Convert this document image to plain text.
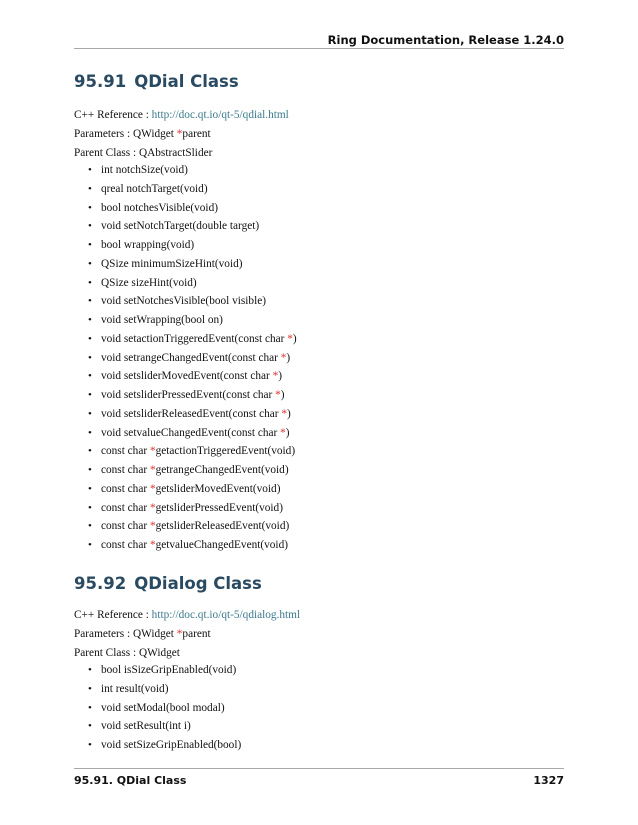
Ring Documentation, Release 1.24.0
95.91 QDial Class
C++ Reference : http://doc.qt.io/qt-5/qdial.html
Parameters : QWidget *parent
Parent Class : QAbstractSlider
• int notchSize(void)
• qreal notchTarget(void)
• bool notchesVisible(void)
• void setNotchTarget(double target)
• bool wrapping(void)
• QSize minimumSizeHint(void)
• QSize sizeHint(void)
• void setNotchesVisible(bool visible)
• void setWrapping(bool on)
• void setactionTriggeredEvent(const char *)
• void setrangeChangedEvent(const char *)
• void setsliderMovedEvent(const char *)
• void setsliderPressedEvent(const char *)
• void setsliderReleasedEvent(const char *)
• void setvalueChangedEvent(const char *)
• const char *getactionTriggeredEvent(void)
• const char *getrangeChangedEvent(void)
• const char *getsliderMovedEvent(void)
• const char *getsliderPressedEvent(void)
• const char *getsliderReleasedEvent(void)
• const char *getvalueChangedEvent(void)
95.92 QDialog Class
C++ Reference : http://doc.qt.io/qt-5/qdialog.html
Parameters : QWidget *parent
Parent Class : QWidget
• bool isSizeGripEnabled(void)
• int result(void)
• void setModal(bool modal)
• void setResult(int i)
• void setSizeGripEnabled(bool)
95.91. QDial Class	1327
